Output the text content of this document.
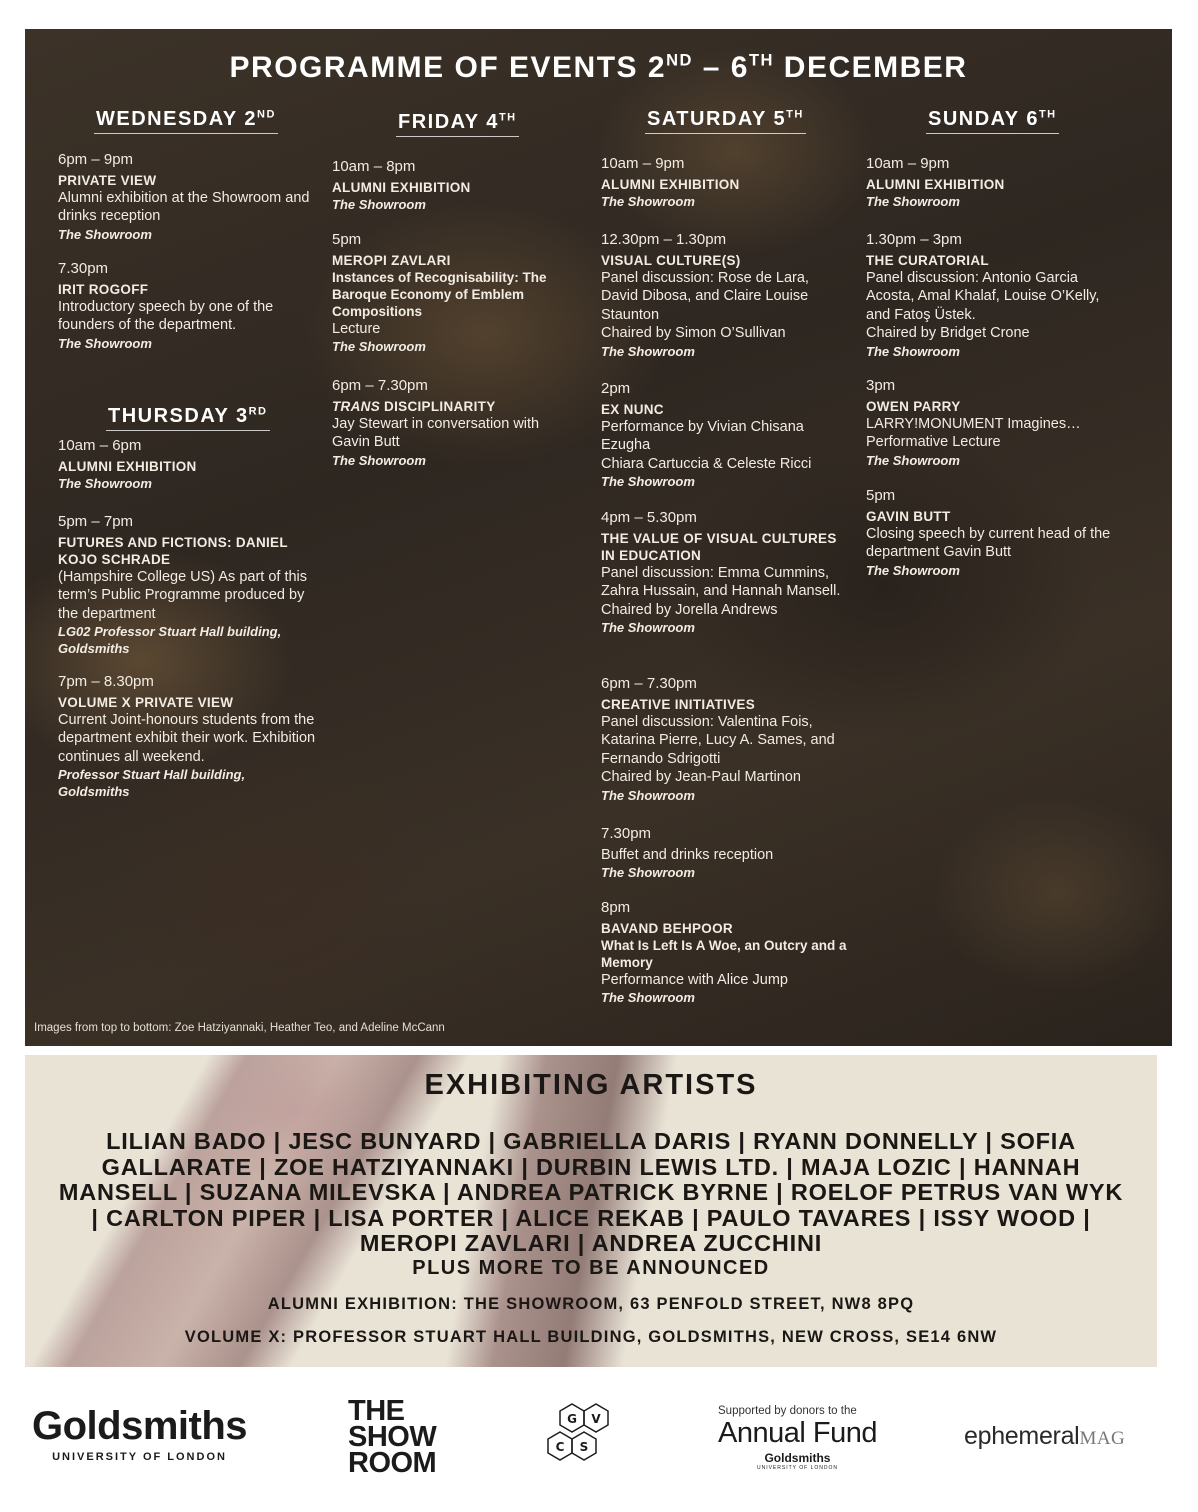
PROGRAMME OF EVENTS 2ND – 6TH DECEMBER
WEDNESDAY 2ND
THURSDAY 3RD
FRIDAY 4TH	SATURDAY 5TH	SUNDAY 6TH
6pm – 9pm
PRIVATE VIEW
Alumni exhibition at the Showroom and drinks reception
The Showroom
7.30pm
IRIT ROGOFF
Introductory speech by one of the founders of the department.
The Showroom
10am – 6pm
ALUMNI EXHIBITION
The Showroom
5pm – 7pm
FUTURES AND FICTIONS: DANIEL KOJO SCHRADE
(Hampshire College US) As part of this term’s Public Programme produced by the department
LG02 Professor Stuart Hall building, Goldsmiths
7pm – 8.30pm
VOLUME X PRIVATE VIEW
Current Joint-honours students from the department exhibit their work. Exhibition continues all weekend.
Professor Stuart Hall building, Goldsmiths
10am – 8pm
ALUMNI EXHIBITION
The Showroom
5pm
MEROPI ZAVLARI
Instances of Recognisability: The Baroque Economy of Emblem Compositions
Lecture
The Showroom
6pm – 7.30pm
TRANS DISCIPLINARITY
Jay Stewart in conversation with Gavin Butt
The Showroom
10am – 9pm
ALUMNI EXHIBITION
The Showroom
12.30pm – 1.30pm
VISUAL CULTURE(S)
Panel discussion: Rose de Lara, David Dibosa, and Claire Louise Staunton
Chaired by Simon O’Sullivan
The Showroom
2pm
EX NUNC
Performance by Vivian Chisana Ezugha
Chiara Cartuccia & Celeste Ricci
The Showroom
4pm – 5.30pm
THE VALUE OF VISUAL CULTURES IN EDUCATION
Panel discussion: Emma Cummins, Zahra Hussain, and Hannah Mansell.
Chaired by Jorella Andrews
The Showroom
6pm – 7.30pm
CREATIVE INITIATIVES
Panel discussion: Valentina Fois, Katarina Pierre, Lucy A. Sames, and Fernando Sdrigotti
Chaired by Jean-Paul Martinon
The Showroom
7.30pm
Buffet and drinks reception
The Showroom
8pm
BAVAND BEHPOOR
What Is Left Is A Woe, an Outcry and a Memory
Performance with Alice Jump
The Showroom
10am – 9pm
ALUMNI EXHIBITION
The Showroom
1.30pm – 3pm
THE CURATORIAL
Panel discussion: Antonio Garcia Acosta, Amal Khalaf, Louise O’Kelly, and Fatoş Üstek.
Chaired by Bridget Crone
The Showroom
3pm
OWEN PARRY
LARRY!MONUMENT Imagines…
Performative Lecture
The Showroom
5pm
GAVIN BUTT
Closing speech by current head of the department Gavin Butt
The Showroom
Images from top to bottom: Zoe Hatziyannaki, Heather Teo, and Adeline McCann
EXHIBITING ARTISTS
LILIAN BADO | JESC BUNYARD | GABRIELLA DARIS | RYANN DONNELLY | SOFIA
GALLARATE | ZOE HATZIYANNAKI | DURBIN LEWIS LTD. | MAJA LOZIC | HANNAH
MANSELL | SUZANA MILEVSKA | ANDREA PATRICK BYRNE | ROELOF PETRUS VAN WYK
| CARLTON PIPER | LISA PORTER | ALICE REKAB | PAULO TAVARES | ISSY WOOD |
MEROPI ZAVLARI | ANDREA ZUCCHINI
PLUS MORE TO BE ANNOUNCED
ALUMNI EXHIBITION: THE SHOWROOM, 63 PENFOLD STREET, NW8 8PQ
VOLUME X: PROFESSOR STUART HALL BUILDING, GOLDSMITHS, NEW CROSS, SE14 6NW
Goldsmiths
UNIVERSITY OF LONDON
THE
SHOW
ROOM
G V
C S
Supported by donors to the
Annual Fund
Goldsmiths
UNIVERSITY OF LONDON
ephemeralMAG
